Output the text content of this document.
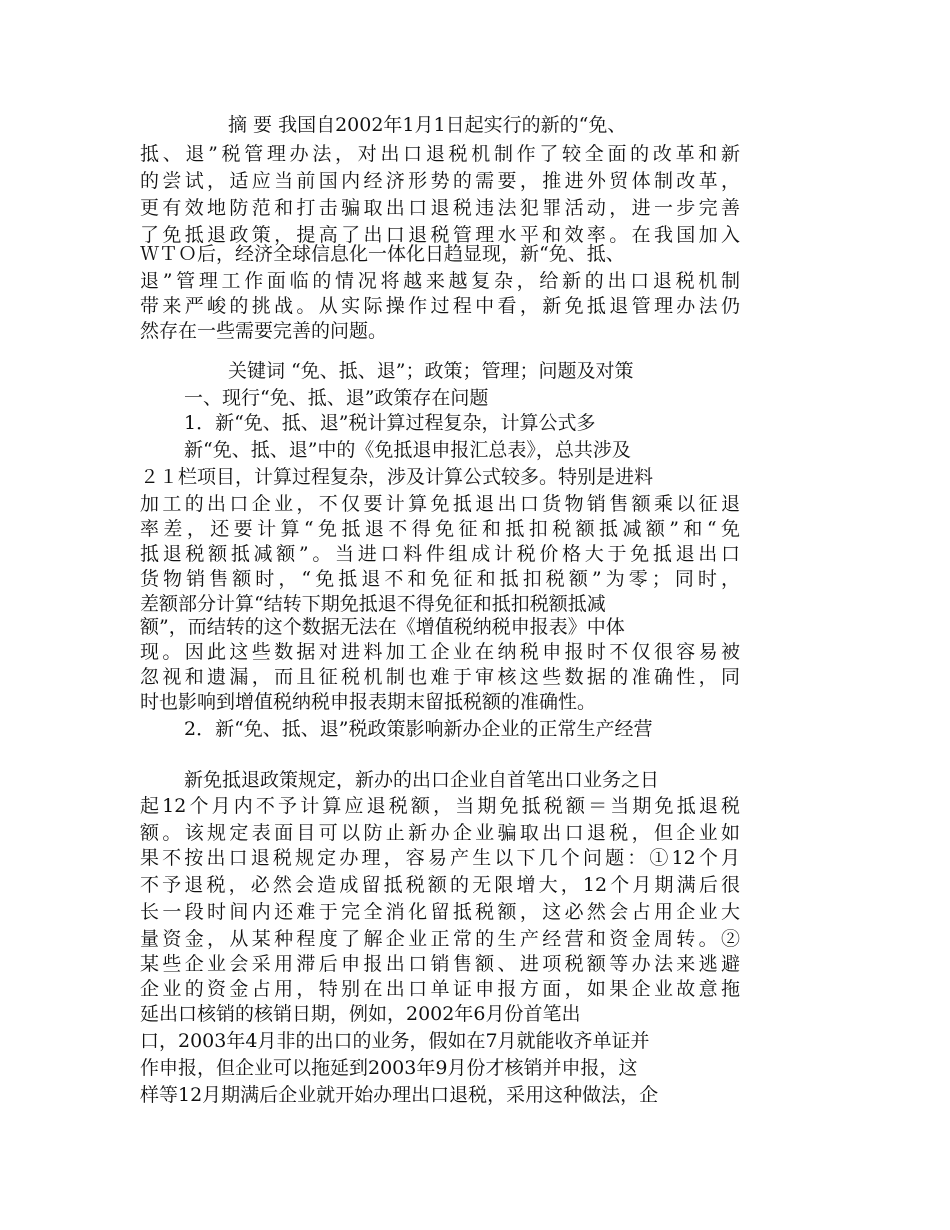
摘 要 我国自2002年1月1日起实行的新的“免、

抵、退”税管理办法，对出口退税机制作了较全面的改革和新

的尝试，适应当前国内经济形势的需要，推进外贸体制改革，

更有效地防范和打击骗取出口退税违法犯罪活动，进一步完善

了免抵退政策，提高了出口退税管理水平和效率。在我国加入

ＷＴＯ后，经济全球信息化一体化日趋显现，新“免、抵、

退”管理工作面临的情况将越来越复杂，给新的出口退税机制

带来严峻的挑战。从实际操作过程中看，新免抵退管理办法仍

然存在一些需要完善的问题。

关键词 “免、抵、退”；政策；管理；问题及对策

一、现行“免、抵、退”政策存在问题

1．新“免、抵、退”税计算过程复杂，计算公式多

新“免、抵、退”中的《免抵退申报汇总表》，总共涉及

２１栏项目，计算过程复杂，涉及计算公式较多。特别是进料

加工的出口企业，不仅要计算免抵退出口货物销售额乘以征退

率差，还要计算“免抵退不得免征和抵扣税额抵减额”和“免

抵退税额抵减额”。当进口料件组成计税价格大于免抵退出口

货物销售额时，“免抵退不和免征和抵扣税额”为零；同时，

差额部分计算“结转下期免抵退不得免征和抵扣税额抵减

额”，而结转的这个数据无法在《增值税纳税申报表》中体

现。因此这些数据对进料加工企业在纳税申报时不仅很容易被

忽视和遗漏，而且征税机制也难于审核这些数据的准确性，同

时也影响到增值税纳税申报表期末留抵税额的准确性。

2．新“免、抵、退”税政策影响新办企业的正常生产经营

新免抵退政策规定，新办的出口企业自首笔出口业务之日

起12个月内不予计算应退税额，当期免抵税额＝当期免抵退税

额。该规定表面目可以防止新办企业骗取出口退税，但企业如

果不按出口退税规定办理，容易产生以下几个问题：①12个月

不予退税，必然会造成留抵税额的无限增大，12个月期满后很

长一段时间内还难于完全消化留抵税额，这必然会占用企业大

量资金，从某种程度了解企业正常的生产经营和资金周转。②

某些企业会采用滞后申报出口销售额、进项税额等办法来逃避

企业的资金占用，特别在出口单证申报方面，如果企业故意拖

延出口核销的核销日期，例如，2002年6月份首笔出

口，2003年4月非的出口的业务，假如在7月就能收齐单证并

作申报，但企业可以拖延到2003年9月份才核销并申报，这

样等12月期满后企业就开始办理出口退税，采用这种做法，企
